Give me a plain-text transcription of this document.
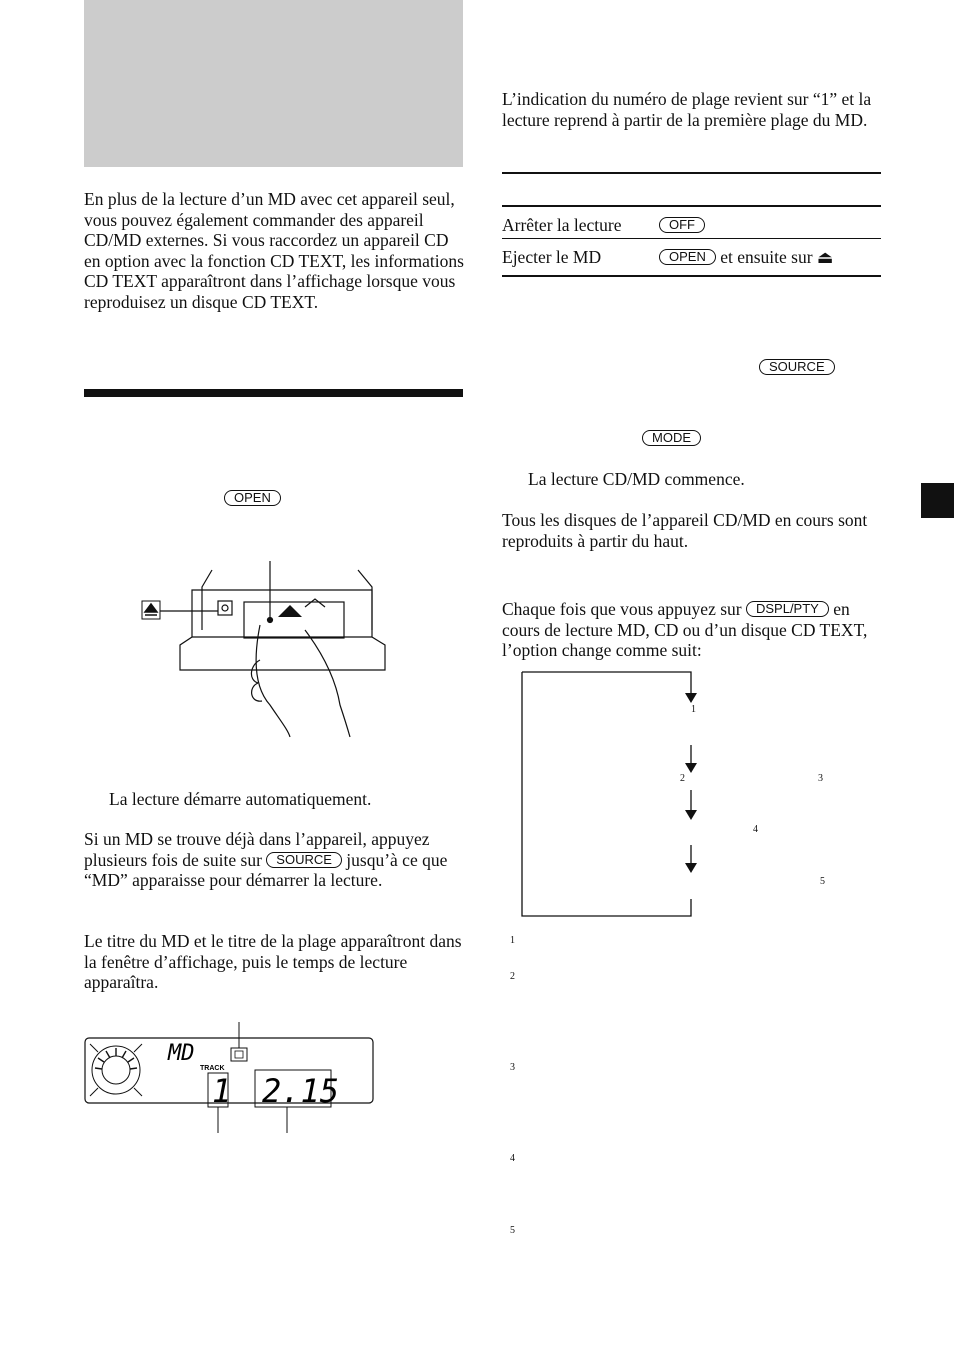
En plus de la lecture d’un MD avec cet appareil seul, vous pouvez également commander des appareil CD/MD externes. Si vous raccordez un appareil CD en option avec la fonction CD TEXT, les informations CD TEXT apparaîtront dans l’affichage lorsque vous reproduisez un disque CD TEXT.
OPEN
La lecture démarre automatiquement.
Si un MD se trouve déjà dans l’appareil, appuyez plusieurs fois de suite sur SOURCE jusqu’à ce que “MD” apparaisse pour démarrer la lecture.
Le titre du MD et le titre de la plage apparaîtront dans la fenêtre d’affichage, puis le temps de lecture apparaîtra.
MD
TRACK
1 2.15
L’indication du numéro de plage revient sur “1” et la lecture reprend à partir de la première plage du MD.
Arrêter la lecture	OFF
Ejecter le MD	OPEN et ensuite sur ⏏
SOURCE
MODE
La lecture CD/MD commence.
Tous les disques de l’appareil CD/MD en cours sont reproduits à partir du haut.
Chaque fois que vous appuyez sur DSPL/PTY en cours de lecture MD, CD ou d’un disque CD TEXT, l’option change comme suit:
1
2	3
4
5
1
2
3
4
5
